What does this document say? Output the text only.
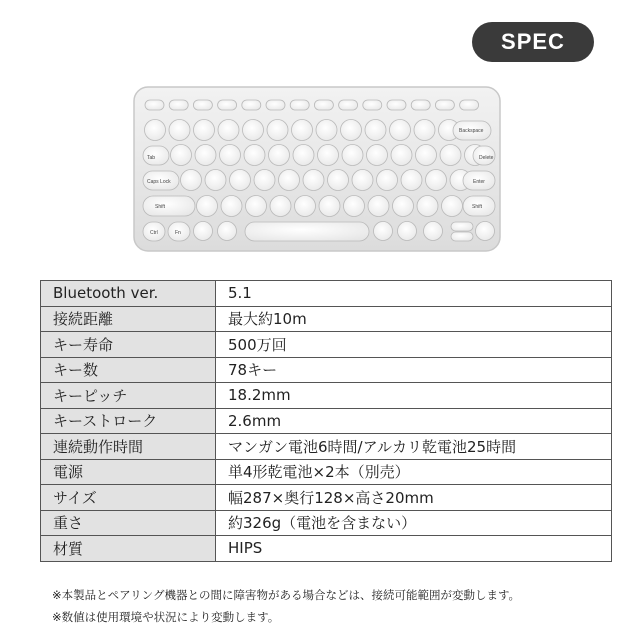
SPEC
Backspace
Tab	Delete
Caps Lock	Enter
Shift	Shift
Ctrl	Fn
Bluetooth ver.	5.1
接続距離	最大約10m
キー寿命	500万回
キー数	78キー
キーピッチ	18.2mm
キーストローク	2.6mm
連続動作時間	マンガン電池6時間/アルカリ乾電池25時間
電源	単4形乾電池×2本（別売）
サイズ	幅287×奥行128×高さ20mm
重さ	約326g（電池を含まない）
材質	HIPS
※本製品とペアリング機器との間に障害物がある場合などは、接続可能範囲が変動します。
※数値は使用環境や状況により変動します。
